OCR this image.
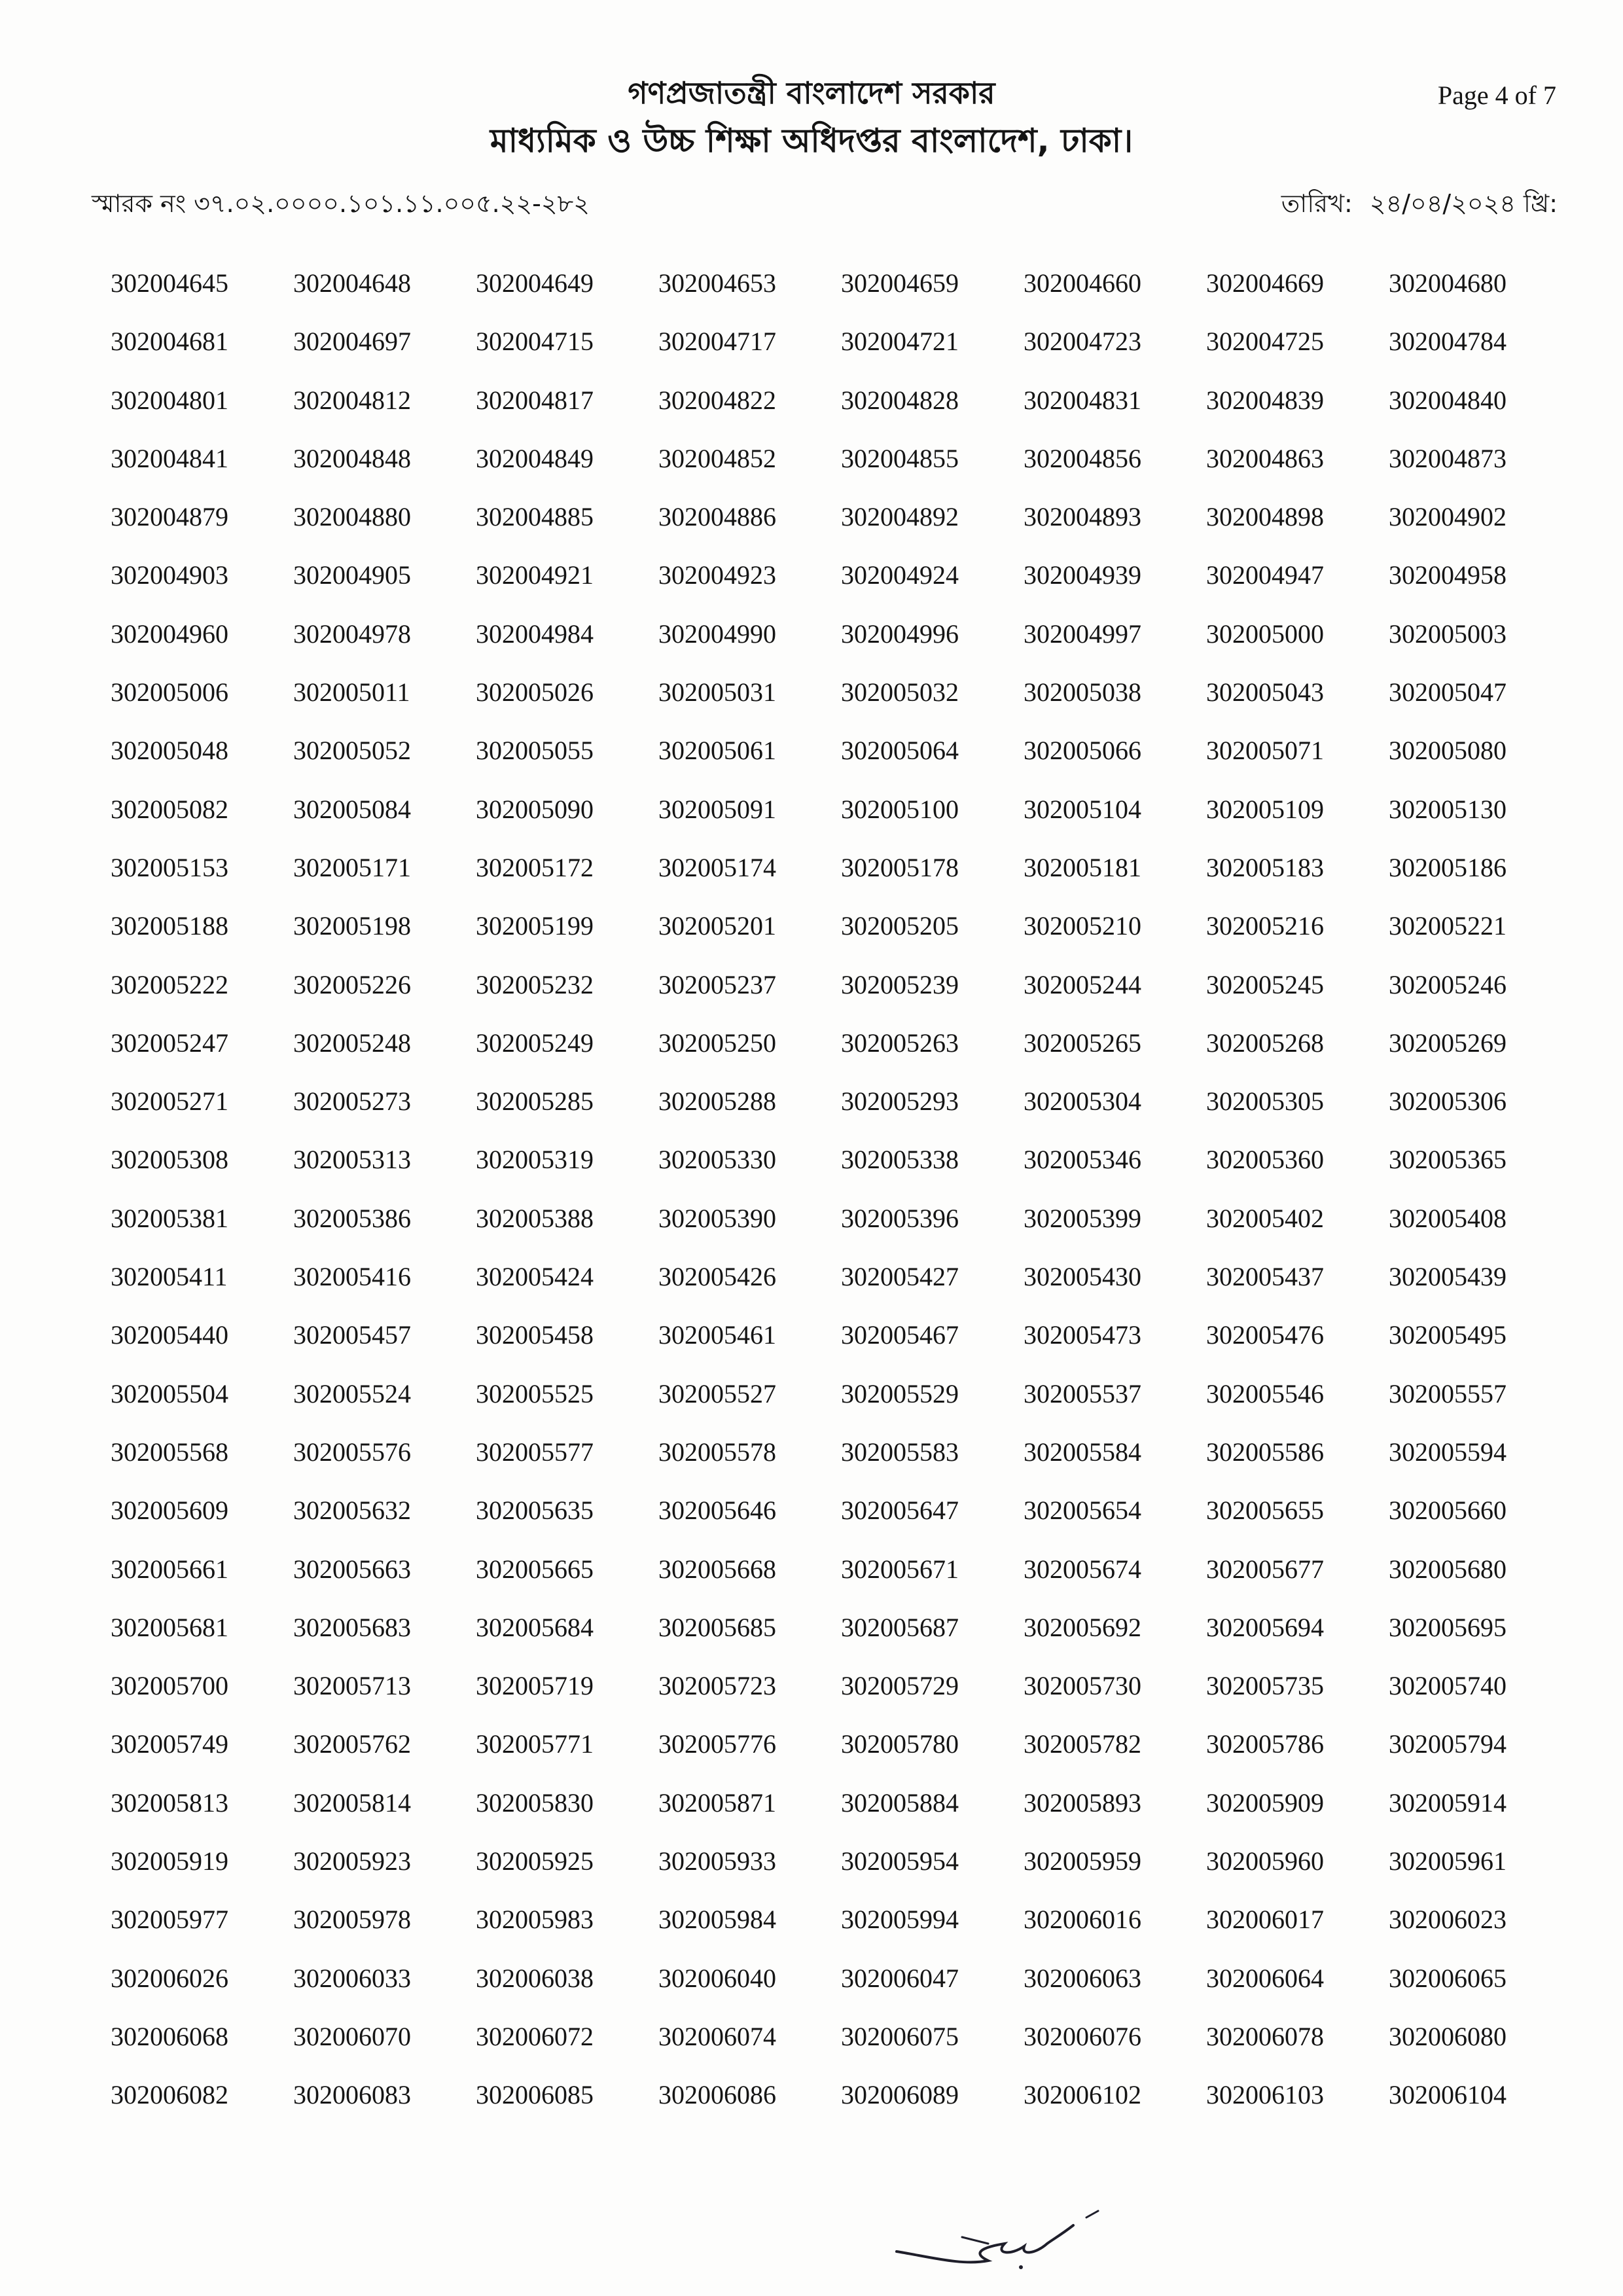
গণপ্রজাতন্ত্রী বাংলাদেশ সরকার
মাধ্যমিক ও উচ্চ শিক্ষা অধিদপ্তর বাংলাদেশ, ঢাকা।
Page 4 of 7
স্মারক নং ৩৭.০২.০০০০.১০১.১১.০০৫.২২-২৮২	তারিখ: ২৪/০৪/২০২৪ খ্রি:
302004645	302004648	302004649	302004653	302004659	302004660	302004669	302004680
302004681	302004697	302004715	302004717	302004721	302004723	302004725	302004784
302004801	302004812	302004817	302004822	302004828	302004831	302004839	302004840
302004841	302004848	302004849	302004852	302004855	302004856	302004863	302004873
302004879	302004880	302004885	302004886	302004892	302004893	302004898	302004902
302004903	302004905	302004921	302004923	302004924	302004939	302004947	302004958
302004960	302004978	302004984	302004990	302004996	302004997	302005000	302005003
302005006	302005011	302005026	302005031	302005032	302005038	302005043	302005047
302005048	302005052	302005055	302005061	302005064	302005066	302005071	302005080
302005082	302005084	302005090	302005091	302005100	302005104	302005109	302005130
302005153	302005171	302005172	302005174	302005178	302005181	302005183	302005186
302005188	302005198	302005199	302005201	302005205	302005210	302005216	302005221
302005222	302005226	302005232	302005237	302005239	302005244	302005245	302005246
302005247	302005248	302005249	302005250	302005263	302005265	302005268	302005269
302005271	302005273	302005285	302005288	302005293	302005304	302005305	302005306
302005308	302005313	302005319	302005330	302005338	302005346	302005360	302005365
302005381	302005386	302005388	302005390	302005396	302005399	302005402	302005408
302005411	302005416	302005424	302005426	302005427	302005430	302005437	302005439
302005440	302005457	302005458	302005461	302005467	302005473	302005476	302005495
302005504	302005524	302005525	302005527	302005529	302005537	302005546	302005557
302005568	302005576	302005577	302005578	302005583	302005584	302005586	302005594
302005609	302005632	302005635	302005646	302005647	302005654	302005655	302005660
302005661	302005663	302005665	302005668	302005671	302005674	302005677	302005680
302005681	302005683	302005684	302005685	302005687	302005692	302005694	302005695
302005700	302005713	302005719	302005723	302005729	302005730	302005735	302005740
302005749	302005762	302005771	302005776	302005780	302005782	302005786	302005794
302005813	302005814	302005830	302005871	302005884	302005893	302005909	302005914
302005919	302005923	302005925	302005933	302005954	302005959	302005960	302005961
302005977	302005978	302005983	302005984	302005994	302006016	302006017	302006023
302006026	302006033	302006038	302006040	302006047	302006063	302006064	302006065
302006068	302006070	302006072	302006074	302006075	302006076	302006078	302006080
302006082	302006083	302006085	302006086	302006089	302006102	302006103	302006104
